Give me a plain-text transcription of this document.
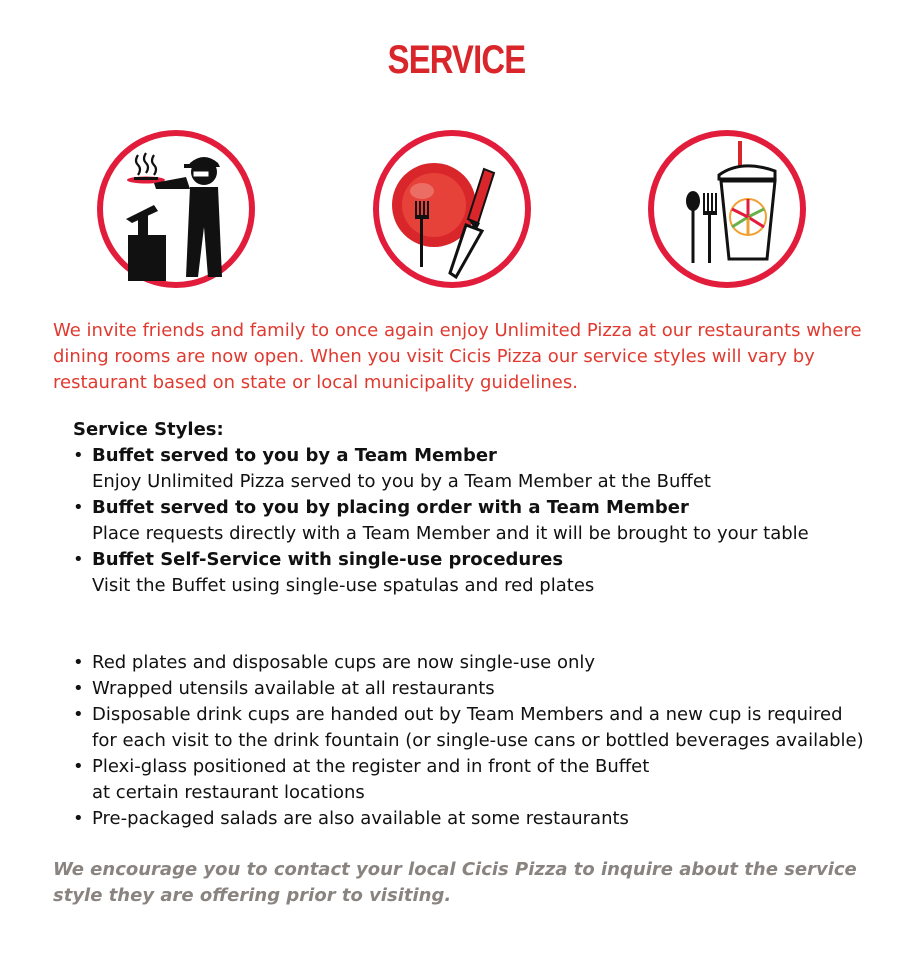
SERVICE
We invite friends and family to once again enjoy Unlimited Pizza at our restaurants where dining rooms are now open. When you visit Cicis Pizza our service styles will vary by restaurant based on state or local municipality guidelines.
Service Styles:
• Buffet served to you by a Team Member
Enjoy Unlimited Pizza served to you by a Team Member at the Buffet
• Buffet served to you by placing order with a Team Member
Place requests directly with a Team Member and it will be brought to your table
• Buffet Self-Service with single-use procedures
Visit the Buffet using single-use spatulas and red plates
• Red plates and disposable cups are now single-use only
• Wrapped utensils available at all restaurants
• Disposable drink cups are handed out by Team Members and a new cup is required
for each visit to the drink fountain (or single-use cans or bottled beverages available)
• Plexi-glass positioned at the register and in front of the Buffet
at certain restaurant locations
• Pre-packaged salads are also available at some restaurants
We encourage you to contact your local Cicis Pizza to inquire about the service style they are offering prior to visiting.
